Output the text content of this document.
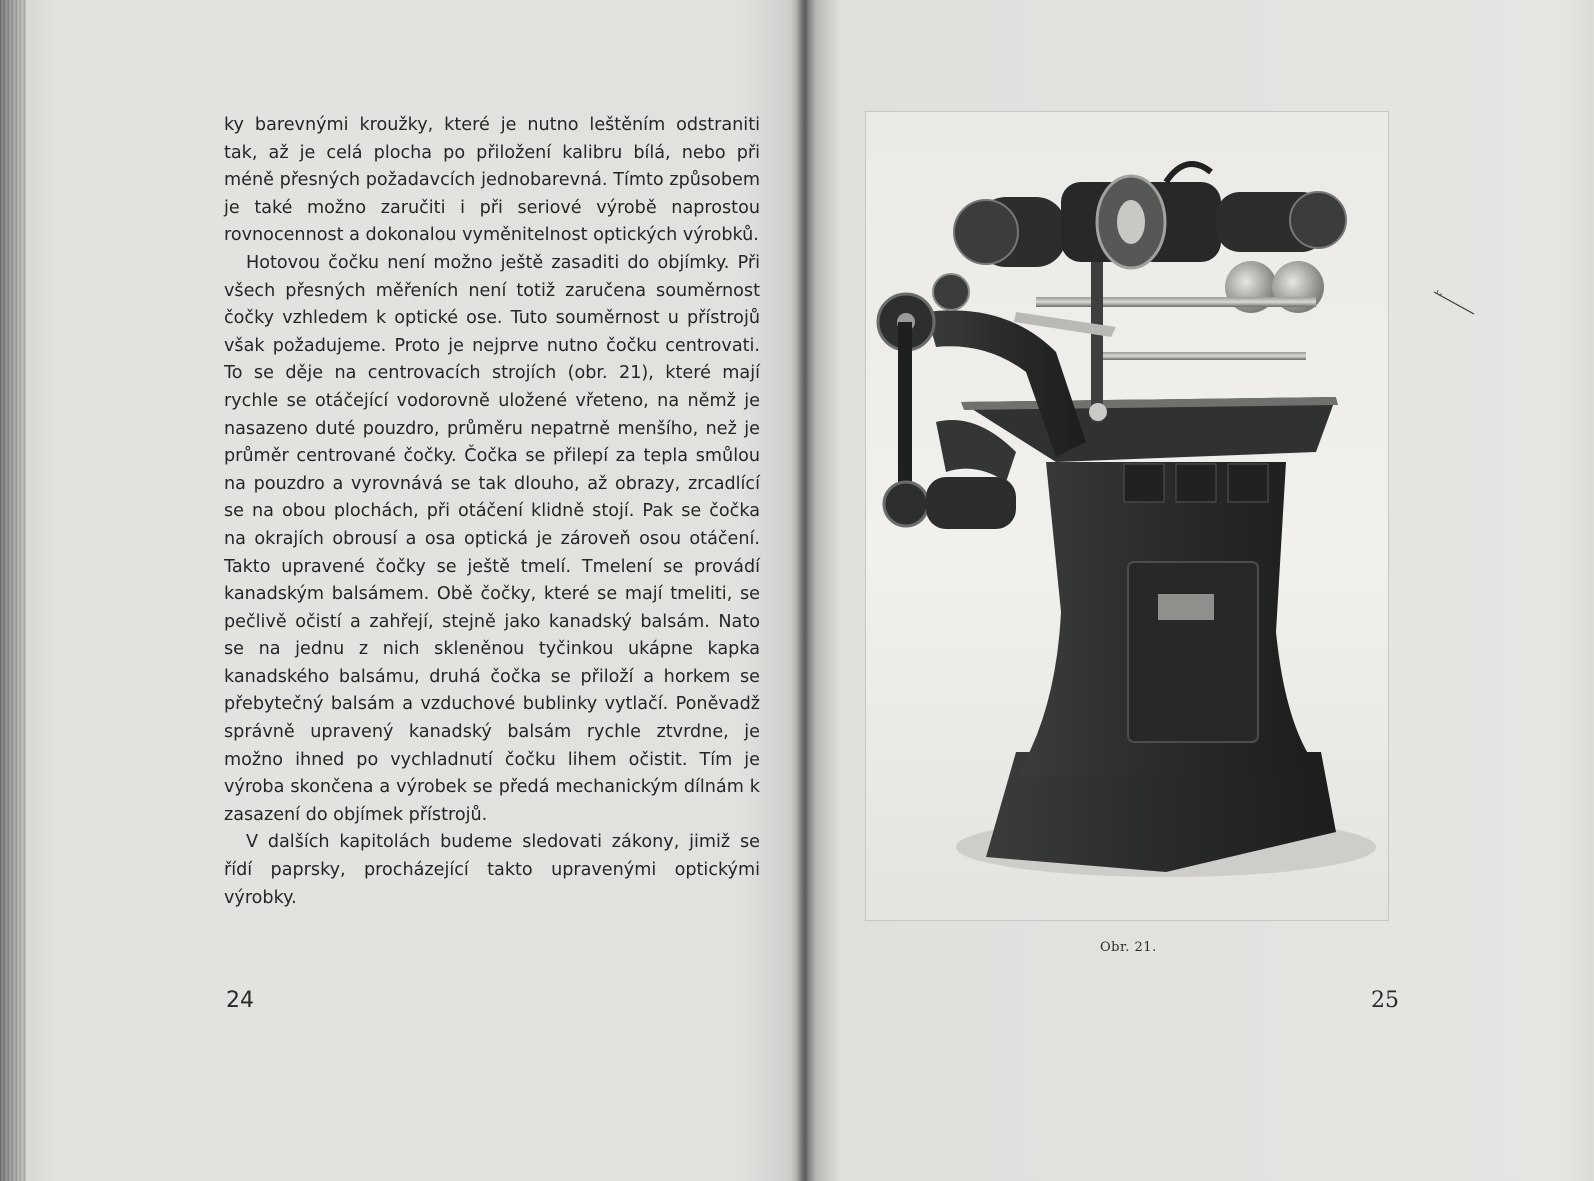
ky barevnými kroužky, které je nutno leštěním odstraniti tak, až je celá plocha po přiložení kalibru bílá, nebo při méně přesných požadavcích jednobarevná. Tímto způsobem je také možno zaručiti i při seriové výrobě naprostou rovnocennost a dokonalou vyměnitelnost optických výrobků.

Hotovou čočku není možno ještě zasaditi do objímky. Při všech přesných měřeních není totiž zaručena souměrnost čočky vzhledem k optické ose. Tuto souměrnost u přístrojů však požadujeme. Proto je nejprve nutno čočku centrovati. To se děje na centrovacích strojích (obr. 21), které mají rychle se otáčející vodorovně uložené vřeteno, na němž je nasazeno duté pouzdro, průměru nepatrně menšího, než je průměr centrované čočky. Čočka se přilepí za tepla smůlou na pouzdro a vyrovnává se tak dlouho, až obrazy, zrcadlící se na obou plochách, při otáčení klidně stojí. Pak se čočka na okrajích obrousí a osa optická je zároveň osou otáčení. Takto upravené čočky se ještě tmelí. Tmelení se provádí kanadským balsámem. Obě čočky, které se mají tmeliti, se pečlivě očistí a zahřejí, stejně jako kanadský balsám. Nato se na jednu z nich skleněnou tyčinkou ukápne kapka kanadského balsámu, druhá čočka se přiloží a horkem se přebytečný balsám a vzduchové bublinky vytlačí. Poněvadž správně upravený kanadský balsám rychle ztvrdne, je možno ihned po vychladnutí čočku lihem očistit. Tím je výroba skončena a výrobek se předá mechanickým dílnám k zasazení do objímek přístrojů.

V dalších kapitolách budeme sledovati zákony, jimiž se řídí paprsky, procházející takto upravenými optickými výrobky.

24
Obr. 21.
25
